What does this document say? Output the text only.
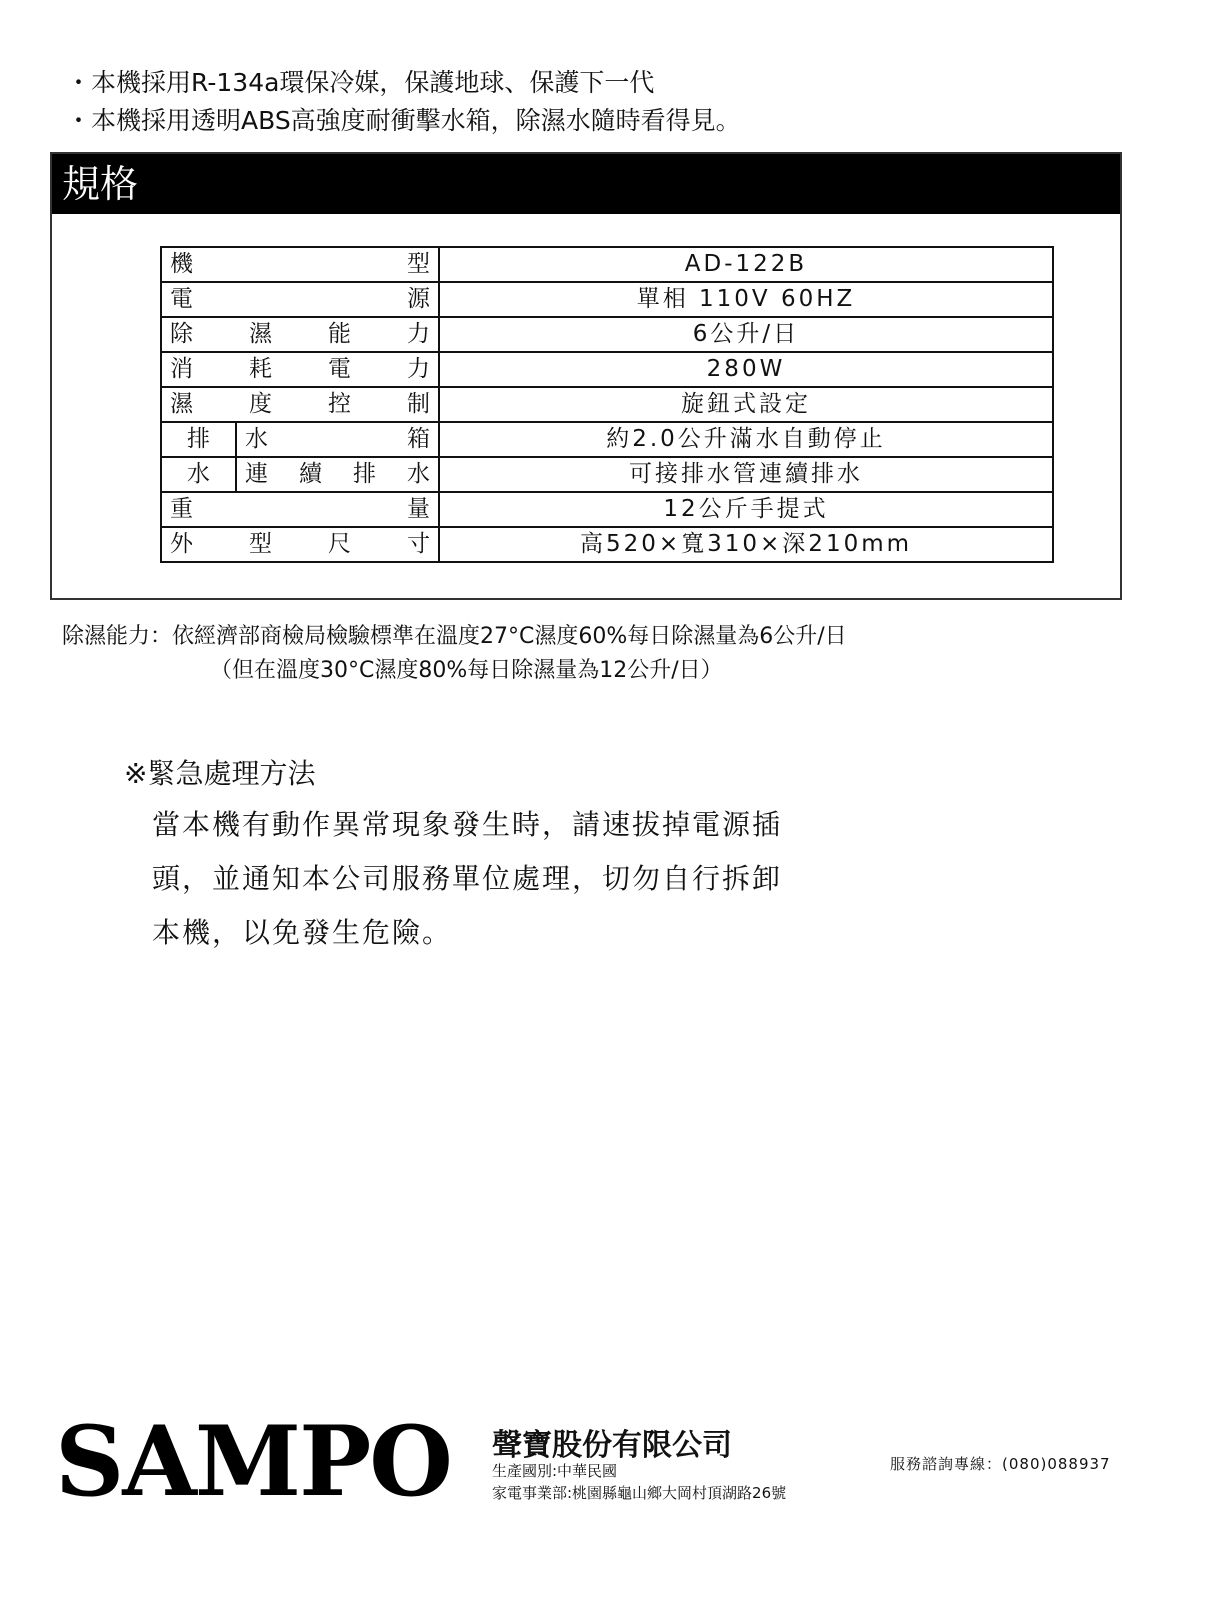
・本機採用R-134a環保冷媒，保護地球、保護下一代
・本機採用透明ABS高強度耐衝擊水箱，除濕水隨時看得見。
規格
機 型		AD-122B

電 源		單相 110V 60HZ

除 濕 能 力		6公升/日

消 耗 電 力		280W

濕 度 控 制		旋鈕式設定
排	水 箱	約2.0公升滿水自動停止
水	連 續 排 水	可接排水管連續排水

重 量		12公斤手提式

外 型 尺 寸		高520×寬310×深210mm
除濕能力：依經濟部商檢局檢驗標準在溫度27°C濕度60%每日除濕量為6公升/日
（但在溫度30°C濕度80%每日除濕量為12公升/日）
※緊急處理方法
當本機有動作異常現象發生時，請速拔掉電源插
頭，並通知本公司服務單位處理，切勿自行拆卸
本機，以免發生危險。
SAMPO 聲寶股份有限公司
生產國別:中華民國
家電事業部:桃園縣龜山鄉大岡村頂湖路26號
服務諮詢專線：(080)088937
